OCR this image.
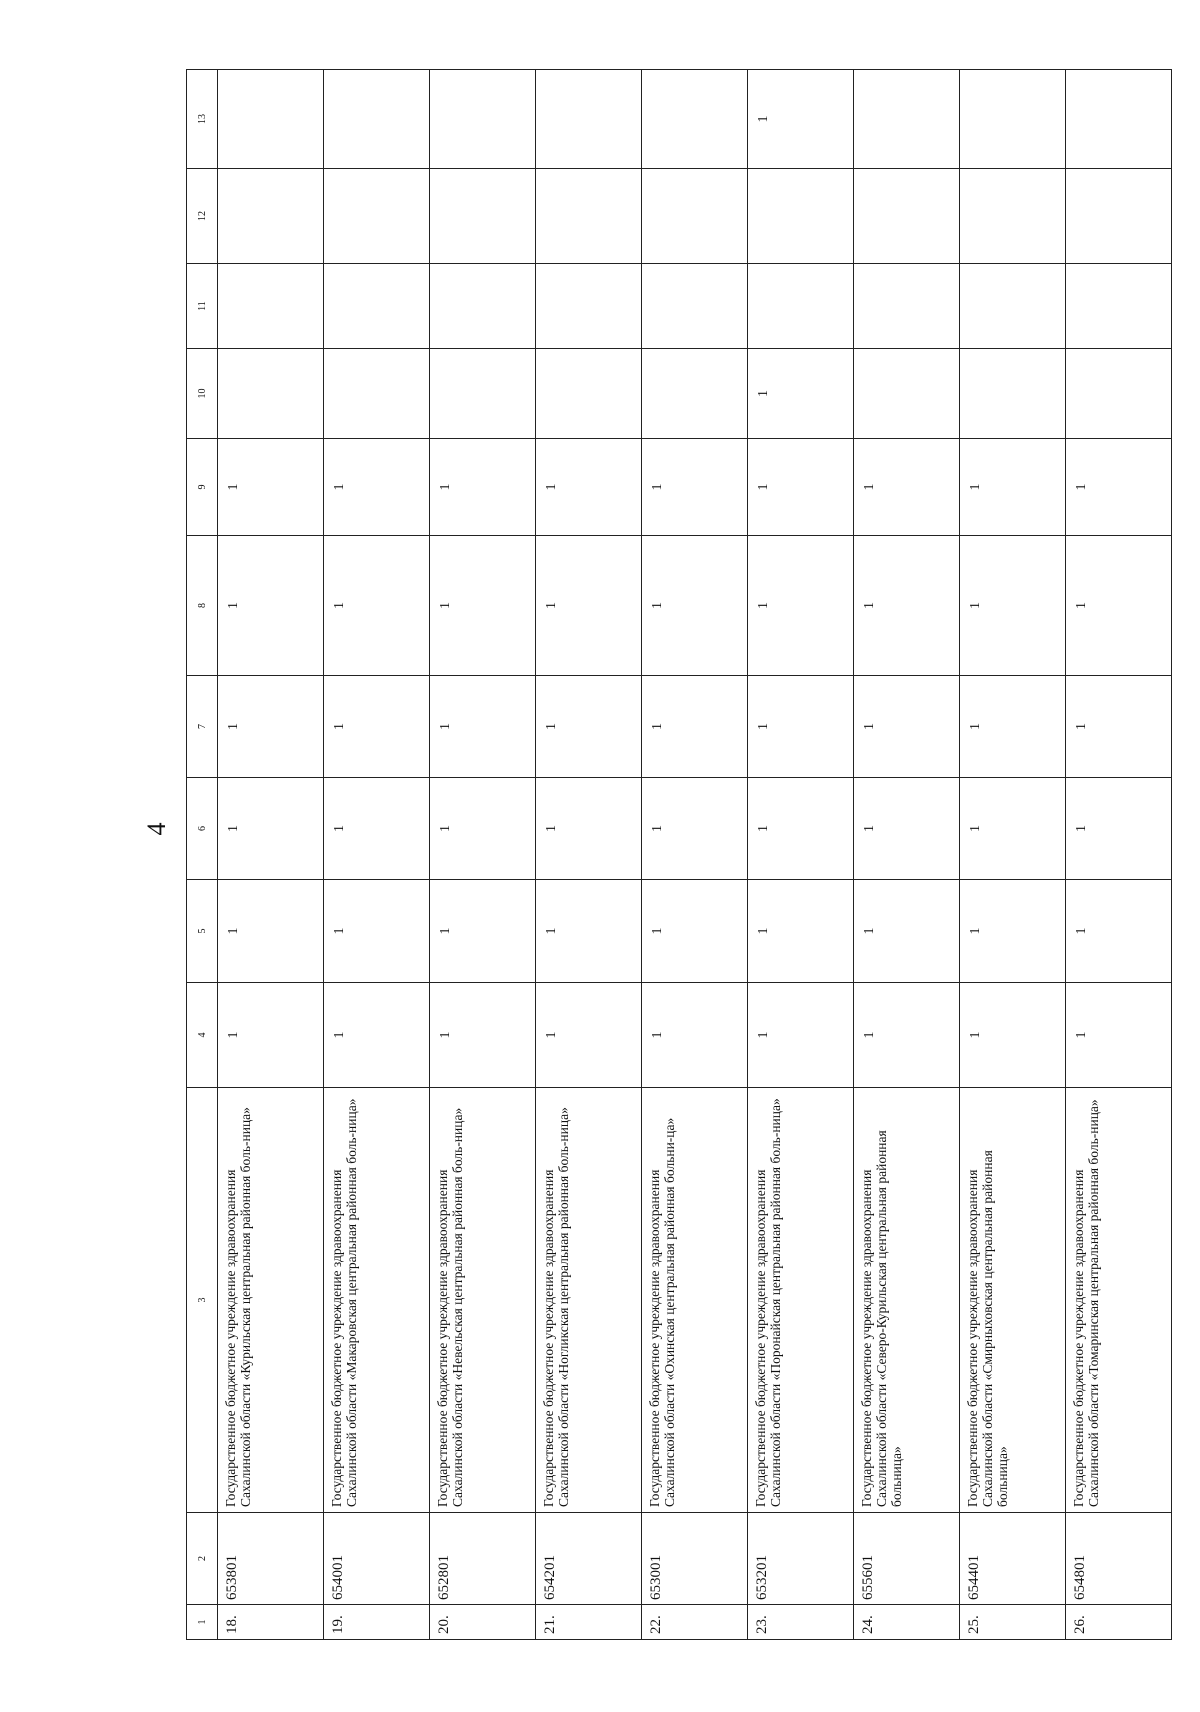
4
1	2	3	4	5	6	7	8	9	10	11	12	13
18.	653801	Государственное бюджетное учреждение здравоохранения Сахалинской области «Курильская центральная районная боль-ница»	1	1	1	1	1	1				
19.	654001	Государственное бюджетное учреждение здравоохранения Сахалинской области «Макаровская центральная районная боль-ница»	1	1	1	1	1	1				
20.	652801	Государственное бюджетное учреждение здравоохранения Сахалинской области «Невельская центральная районная боль-ница»	1	1	1	1	1	1				
21.	654201	Государственное бюджетное учреждение здравоохранения Сахалинской области «Ногликская центральная районная боль-ница»	1	1	1	1	1	1				
22.	653001	Государственное бюджетное учреждение здравоохранения Сахалинской области «Охинская центральная районная больни-ца»	1	1	1	1	1	1				
23.	653201	Государственное бюджетное учреждение здравоохранения Сахалинской области «Поронайская центральная районная боль-ница»	1	1	1	1	1	1	1			1
24.	655601	Государственное бюджетное учреждение здравоохранения Сахалинской области «Северо-Курильская центральная районная больница»	1	1	1	1	1	1				
25.	654401	Государственное бюджетное учреждение здравоохранения Сахалинской области «Смирныховская центральная районная больница»	1	1	1	1	1	1				
26.	654801	Государственное бюджетное учреждение здравоохранения Сахалинской области «Томаринская центральная районная боль-ница»	1	1	1	1	1	1				
